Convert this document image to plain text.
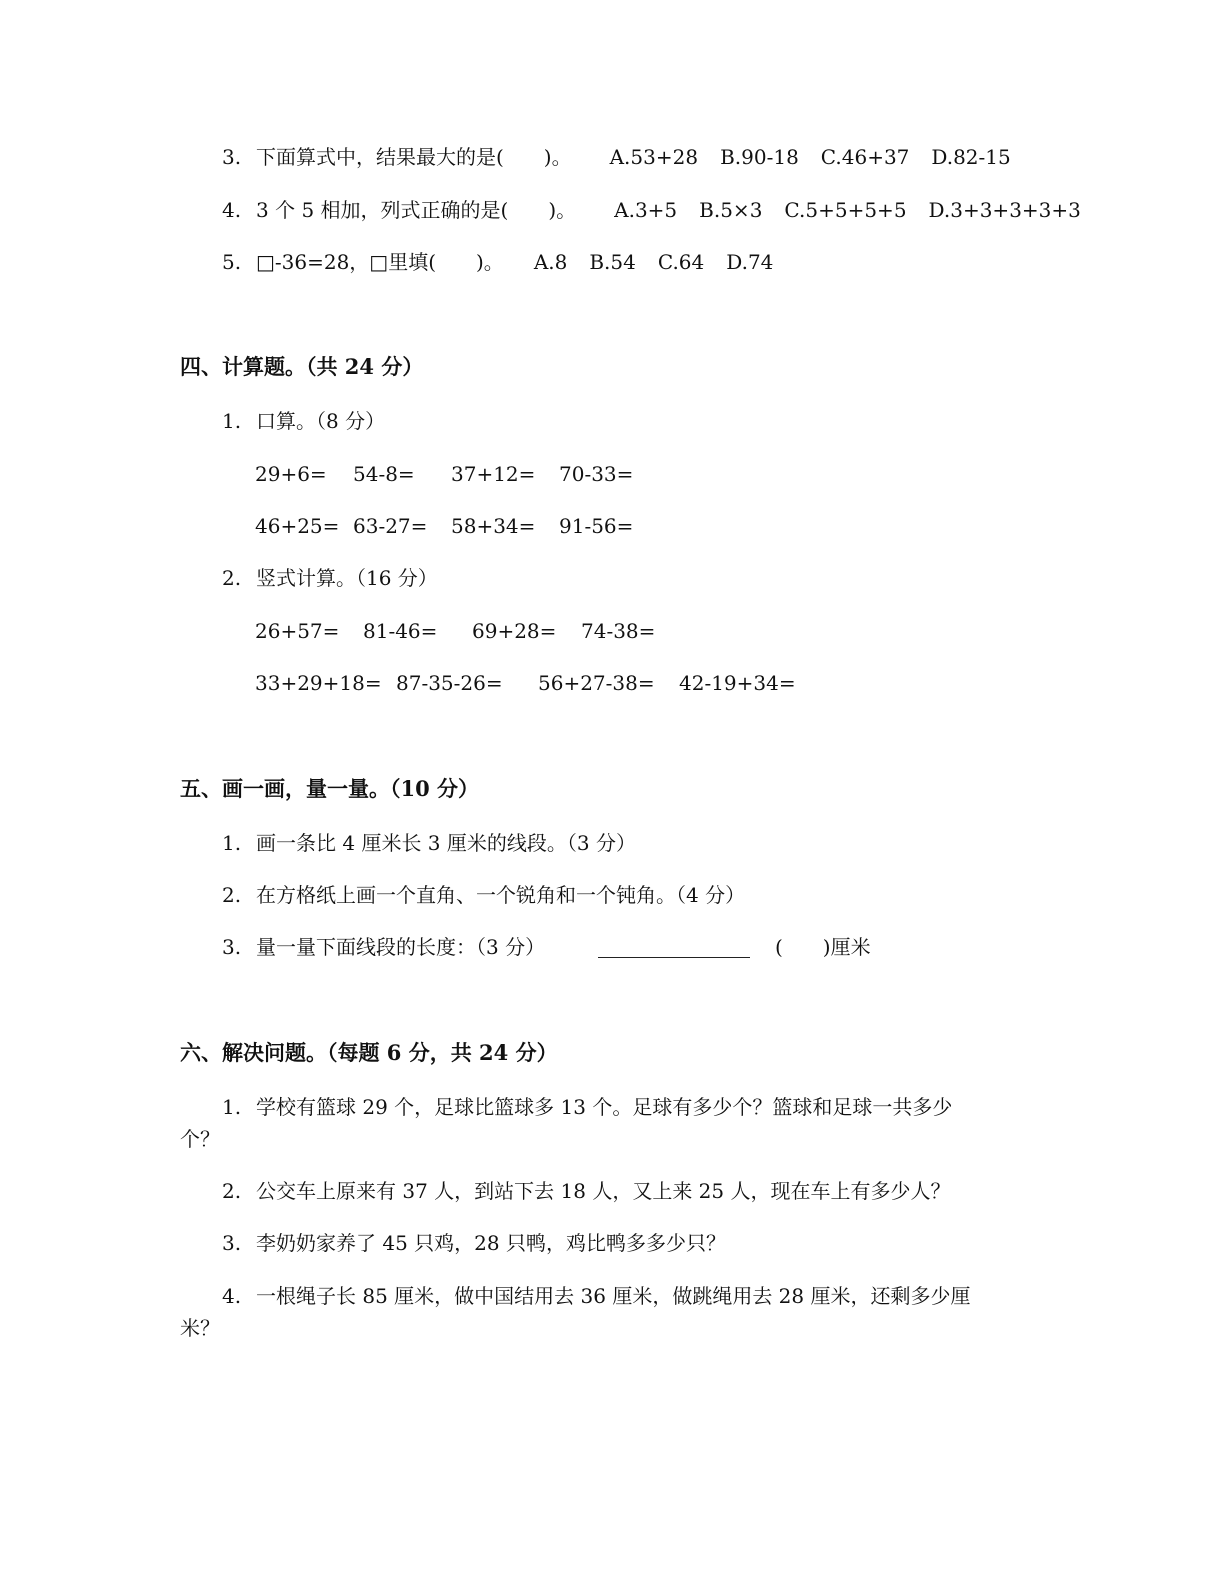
3. 下面算式中，结果最大的是(　　)。 A.53+28 B.90-18 C.46+37 D.82-15
4. 3 个 5 相加，列式正确的是(　　)。 A.3+5 B.5×3 C.5+5+5+5 D.3+3+3+3+3
5. □-36=28，□里填(　　)。 A.8 B.54 C.64 D.74
四、计算题。（共 24 分）
1. 口算。（8 分）
29+6= 54-8= 37+12= 70-33=
46+25= 63-27= 58+34= 91-56=
2. 竖式计算。（16 分）
26+57= 81-46= 69+28= 74-38=
33+29+18= 87-35-26= 56+27-38= 42-19+34=
五、画一画，量一量。（10 分）
1. 画一条比 4 厘米长 3 厘米的线段。（3 分）
2. 在方格纸上画一个直角、一个锐角和一个钝角。（4 分）
3. 量一量下面线段的长度：（3 分）	(　　)厘米
六、解决问题。（每题 6 分，共 24 分）
1. 学校有篮球 29 个，足球比篮球多 13 个。足球有多少个？篮球和足球一共多少
个？
2. 公交车上原来有 37 人，到站下去 18 人，又上来 25 人，现在车上有多少人？
3. 李奶奶家养了 45 只鸡，28 只鸭，鸡比鸭多多少只？
4. 一根绳子长 85 厘米，做中国结用去 36 厘米，做跳绳用去 28 厘米，还剩多少厘
米？
